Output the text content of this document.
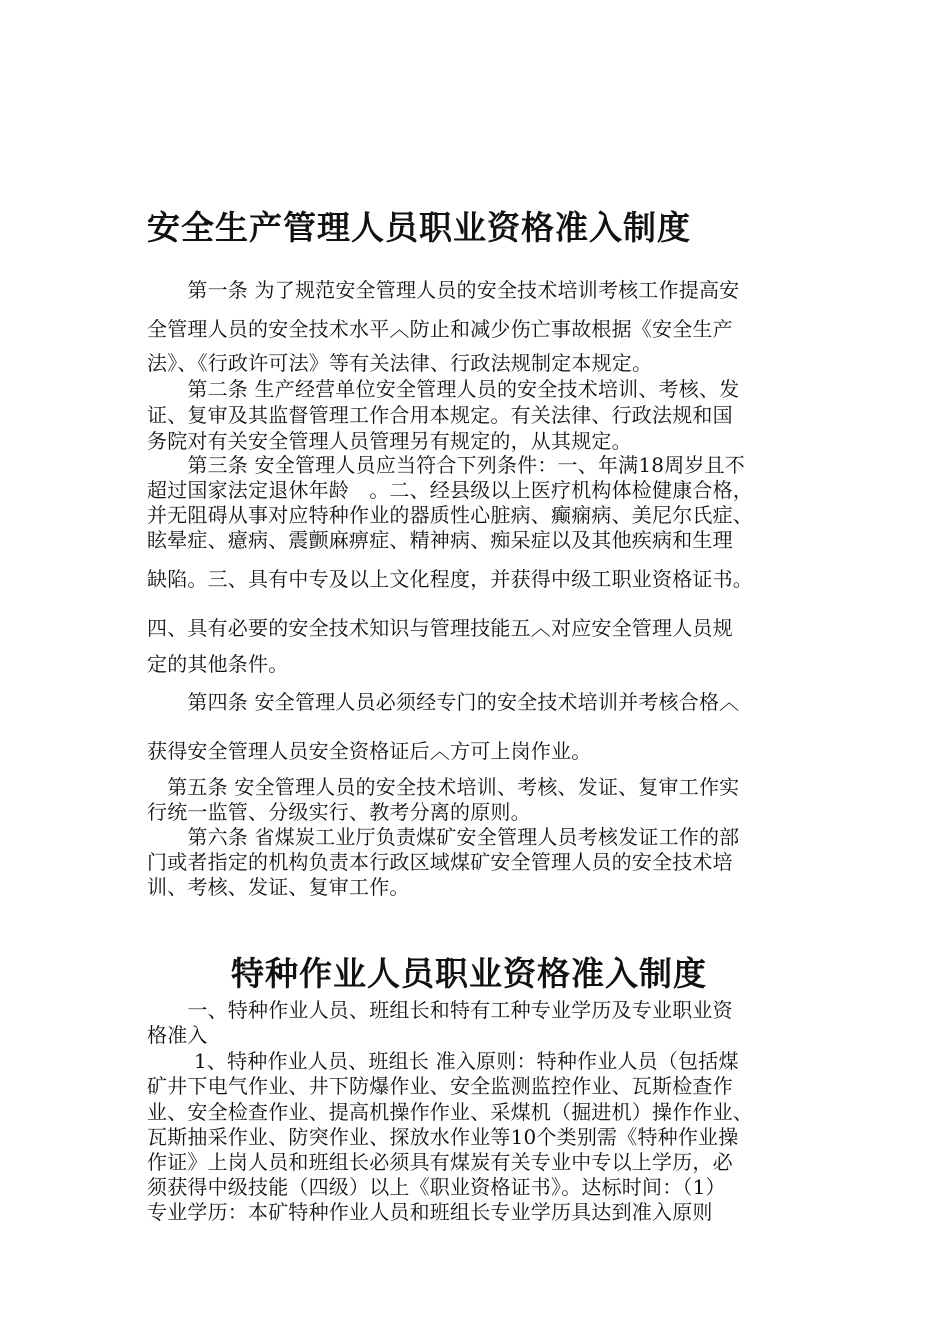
安全生产管理人员职业资格准入制度

　　第一条 为了规范安全管理人员的安全技术培训考核工作提高安

全管理人员的安全技术水平︿防止和减少伤亡事故根据《安全生产

法》、《行政许可法》等有关法律、行政法规制定本规定。

　　第二条 生产经营单位安全管理人员的安全技术培训、考核、发

证、复审及其监督管理工作合用本规定。有关法律、行政法规和国

务院对有关安全管理人员管理另有规定的，从其规定。

　　第三条 安全管理人员应当符合下列条件：一、年满18周岁且不

超过国家法定退休年龄　。二、经县级以上医疗机构体检健康合格，

并无阻碍从事对应特种作业的器质性心脏病、癫痫病、美尼尔氏症、

眩晕症、癔病、震颤麻痹症、精神病、痴呆症以及其他疾病和生理

缺陷。三、具有中专及以上文化程度，并获得中级工职业资格证书。

四、具有必要的安全技术知识与管理技能五︿对应安全管理人员规

定的其他条件。

　　第四条 安全管理人员必须经专门的安全技术培训并考核合格︿

获得安全管理人员安全资格证后︿方可上岗作业。

　第五条 安全管理人员的安全技术培训、考核、发证、复审工作实

行统一监管、分级实行、教考分离的原则。

　　第六条 省煤炭工业厅负责煤矿安全管理人员考核发证工作的部

门或者指定的机构负责本行政区域煤矿安全管理人员的安全技术培

训、考核、发证、复审工作。

特种作业人员职业资格准入制度

　　一、特种作业人员、班组长和特有工种专业学历及专业职业资

格准入

　　 1、特种作业人员、班组长 准入原则：特种作业人员（包括煤

矿井下电气作业、井下防爆作业、安全监测监控作业、瓦斯检查作

业、安全检查作业、提高机操作作业、采煤机（掘进机）操作作业、

瓦斯抽采作业、防突作业、探放水作业等10个类别需《特种作业操

作证》上岗人员和班组长必须具有煤炭有关专业中专以上学历，必

须获得中级技能（四级）以上《职业资格证书》。达标时间：（1）

专业学历：本矿特种作业人员和班组长专业学历具达到准入原则
